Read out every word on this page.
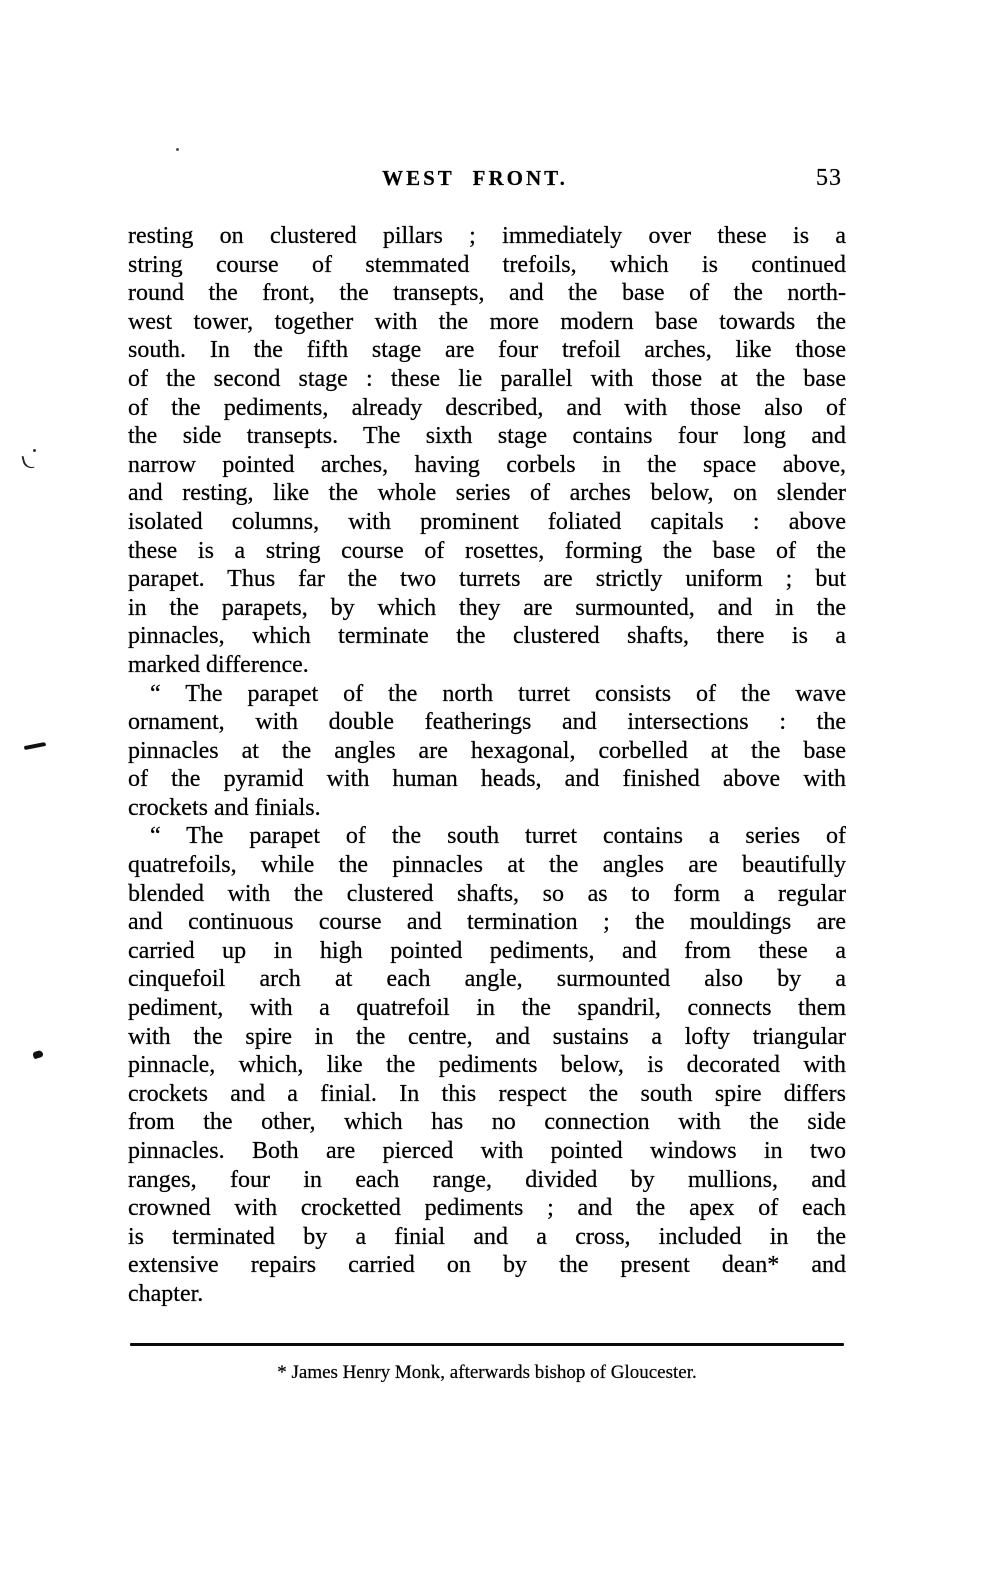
WEST FRONT.	53
resting on clustered pillars ; immediately over these is a
string course of stemmated trefoils, which is continued
round the front, the transepts, and the base of the north-
west tower, together with the more modern base towards the
south. In the fifth stage are four trefoil arches, like those
of the second stage : these lie parallel with those at the base
of the pediments, already described, and with those also of
the side transepts. The sixth stage contains four long and
narrow pointed arches, having corbels in the space above,
and resting, like the whole series of arches below, on slender
isolated columns, with prominent foliated capitals : above
these is a string course of rosettes, forming the base of the
parapet. Thus far the two turrets are strictly uniform ; but
in the parapets, by which they are surmounted, and in the
pinnacles, which terminate the clustered shafts, there is a
marked difference.
“ The parapet of the north turret consists of the wave
ornament, with double featherings and intersections : the
pinnacles at the angles are hexagonal, corbelled at the base
of the pyramid with human heads, and finished above with
crockets and finials.
“ The parapet of the south turret contains a series of
quatrefoils, while the pinnacles at the angles are beautifully
blended with the clustered shafts, so as to form a regular
and continuous course and termination ; the mouldings are
carried up in high pointed pediments, and from these a
cinquefoil arch at each angle, surmounted also by a
pediment, with a quatrefoil in the spandril, connects them
with the spire in the centre, and sustains a lofty triangular
pinnacle, which, like the pediments below, is decorated with
crockets and a finial. In this respect the south spire differs
from the other, which has no connection with the side
pinnacles. Both are pierced with pointed windows in two
ranges, four in each range, divided by mullions, and
crowned with crocketted pediments ; and the apex of each
is terminated by a finial and a cross, included in the
extensive repairs carried on by the present dean* and
chapter.
* James Henry Monk, afterwards bishop of Gloucester.
